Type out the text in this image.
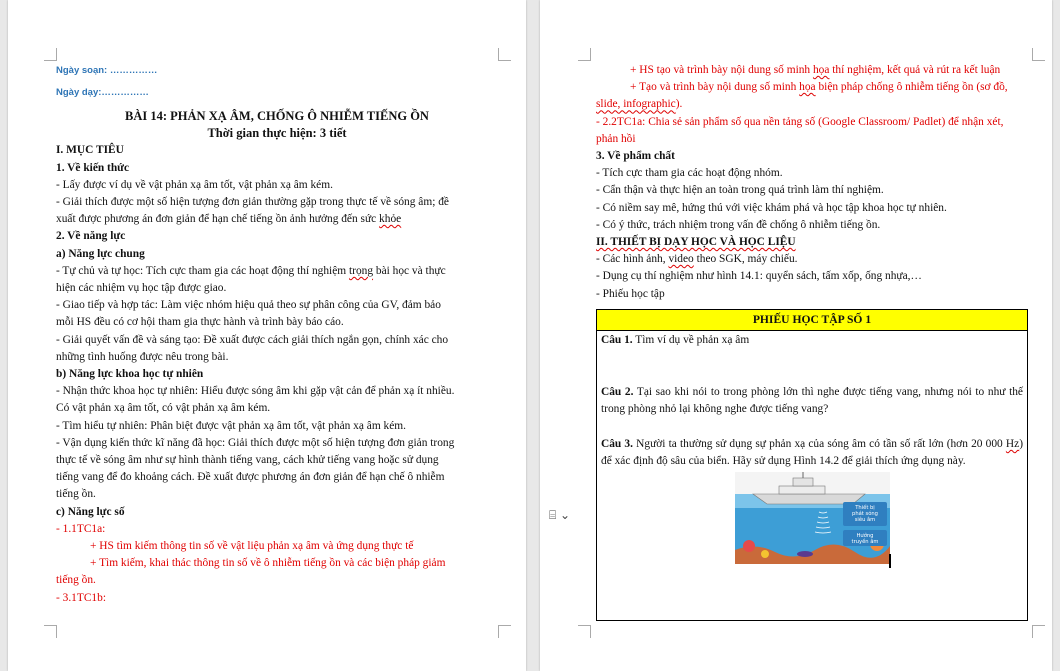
Ngày soạn: ……………
Ngày dạy:……………
BÀI 14: PHẢN XẠ ÂM, CHỐNG Ô NHIỄM TIẾNG ỒN
Thời gian thực hiện: 3 tiết
I. MỤC TIÊU
1. Về kiến thức
- Lấy được ví dụ về vật phản xạ âm tốt, vật phản xạ âm kém.
- Giải thích được một số hiện tượng đơn giản thường gặp trong thực tế về sóng âm; đề
xuất được phương án đơn giản để hạn chế tiếng ồn ảnh hưởng đến sức khỏe
2. Về năng lực
a) Năng lực chung
- Tự chủ và tự học: Tích cực tham gia các hoạt động thí nghiệm trọng bài học và thực
hiện các nhiệm vụ học tập được giao.
- Giao tiếp và hợp tác: Làm việc nhóm hiệu quả theo sự phân công của GV, đảm bảo
mỗi HS đều có cơ hội tham gia thực hành và trình bày báo cáo.
- Giải quyết vấn đề và sáng tạo: Đề xuất được cách giải thích ngắn gọn, chính xác cho
những tình huống được nêu trong bài.
b) Năng lực khoa học tự nhiên
- Nhận thức khoa học tự nhiên: Hiểu được sóng âm khi gặp vật cản để phản xạ ít nhiều.
Có vật phản xạ âm tốt, có vật phản xạ âm kém.
- Tìm hiểu tự nhiên: Phân biệt được vật phản xạ âm tốt, vật phản xạ âm kém.
- Vận dụng kiến thức kĩ năng đã học: Giải thích được một số hiện tượng đơn giản trong
thực tế về sóng âm như sự hình thành tiếng vang, cách khử tiếng vang hoặc sử dụng
tiếng vang để đo khoảng cách. Đề xuất được phương án đơn giản để hạn chế ô nhiễm
tiếng ồn.
c) Năng lực số
- 1.1TC1a:
+ HS tìm kiếm thông tin số về vật liệu phản xạ âm và ứng dụng thực tế
+ Tìm kiếm, khai thác thông tin số về ô nhiễm tiếng ồn và các biện pháp giảm
tiếng ồn.
- 3.1TC1b:
+ HS tạo và trình bày nội dung số minh họa thí nghiệm, kết quả và rút ra kết luận
+ Tạo và trình bày nội dung số minh họa biện pháp chống ô nhiễm tiếng ồn (sơ đồ,
slide, infographic).
- 2.2TC1a: Chia sẻ sản phẩm số qua nền tảng số (Google Classroom/ Padlet) để nhận xét,
phản hồi
3. Về phẩm chất
- Tích cực tham gia các hoạt động nhóm.
- Cẩn thận và thực hiện an toàn trong quá trình làm thí nghiệm.
- Có niềm say mê, hứng thú với việc khám phá và học tập khoa học tự nhiên.
- Có ý thức, trách nhiệm trong vấn đề chống ô nhiễm tiếng ồn.
II. THIẾT BỊ DẠY HỌC VÀ HỌC LIỆU
- Các hình ảnh, video theo SGK, máy chiếu.
- Dụng cụ thí nghiệm như hình 14.1: quyển sách, tấm xốp, ống nhựa,…
- Phiếu học tập
PHIẾU HỌC TẬP SỐ 1
Câu 1. Tìm ví dụ về phản xạ âm
Câu 2. Tại sao khi nói to trong phòng lớn thì nghe được tiếng vang, nhưng nói to như thế trong phòng nhỏ lại không nghe được tiếng vang?
Câu 3. Người ta thường sử dụng sự phản xạ của sóng âm có tần số rất lớn (hơn 20 000 Hz) để xác định độ sâu của biển. Hãy sử dụng Hình 14.2 để giải thích ứng dụng này.
Thiết bị phát sóng siêu âm
Hướng truyền âm
⌸ ⌄
